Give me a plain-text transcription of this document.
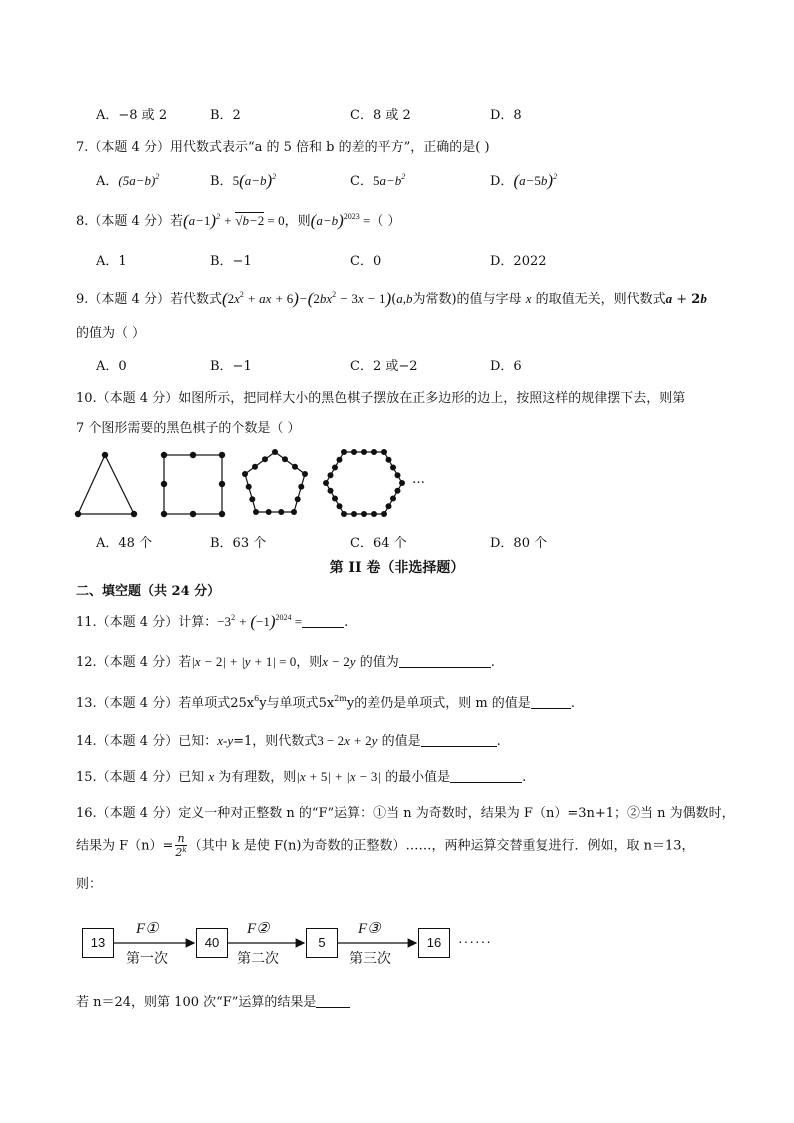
A．−8 或 2	B．2	C．8 或 2	D．8
7.（本题 4 分）用代数式表示“a 的 5 倍和 b 的差的平方”，正确的是( )
A．$(5a-b)^2$	B．$5(a-b)^2$	C．$5a-b^2$	D．$(a-5b)^2$
8.（本题 4 分）若$(a-1)^2 + √b-2 = 0$，则$(a-b)^{2023}$ =（ ）
A．1	B．−1	C．0	D．2022
9.（本题 4 分）若代数式($2x^2$ + ax + $6)-(2bx^2 - 3x - 1)(a,b$为常数)的值与字母 x 的取值无关，则代数式a + 2b
的值为（ ）
A．0	B．−1	C．2 或−2	D．6
10.（本题 4 分）如图所示，把同样大小的黑色棋子摆放在正多边形的边上，按照这样的规律摆下去，则第
7 个图形需要的黑色棋子的个数是（ ）
…
A．48 个	B．63 个	C．64 个	D．80 个
第 II 卷（非选择题）
二、填空题（共 24 分）
11.（本题 4 分）计算：$-3^2 + (-1)^{2024}$ =	.
12.（本题 4 分）若|x − 2| + |y + 1| = 0，则x − 2y 的值为	.
13.（本题 4 分）若单项式$25x^6y$与单项式$5x^{2m}y$的差仍是单项式，则 m 的值是	.
14.（本题 4 分）已知：x-y=1，则代数式3 − 2x + 2y 的值是	.
15.（本题 4 分）已知 x 为有理数，则|x + 5| + |x − 3| 的最小值是	.
16.（本题 4 分）定义一种对正整数 n 的“F”运算：①当 n 为奇数时，结果为 F（n）=3n+1；②当 n 为偶数时，
结果为 $F(n)= \frac{n}{2^k}$ （其中 k 是使 F(n)为奇数的正整数）……，两种运算交替重复进行．例如，取 n＝13，
则：
13	40	5	16
F①	F②	F③
第一次	第二次	第三次
······
若 n＝24，则第 100 次“F”运算的结果是
